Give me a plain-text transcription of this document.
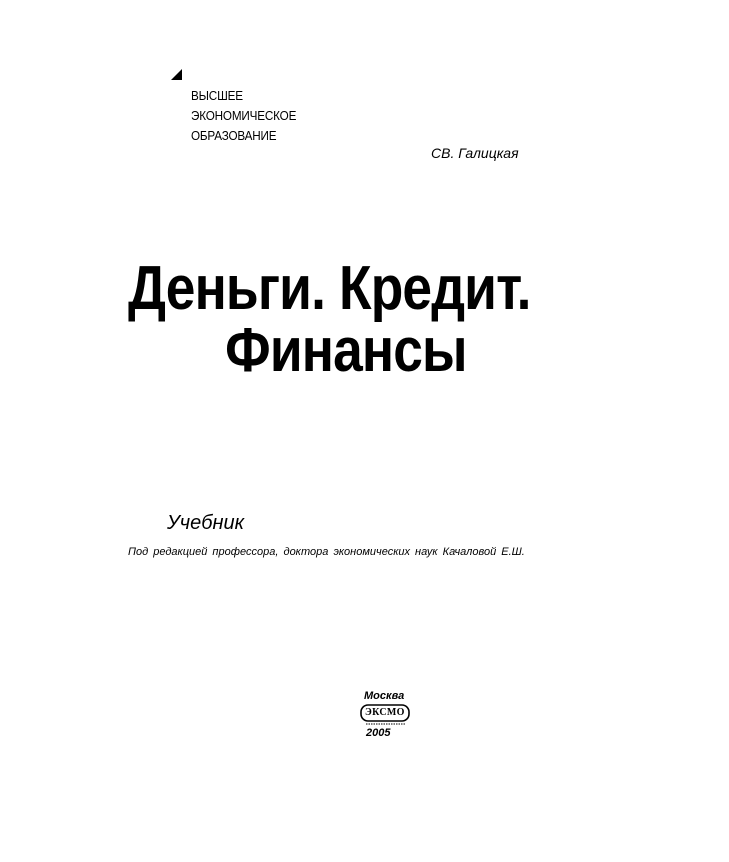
ВЫСШЕЕ
ЭКОНОМИЧЕСКОЕ
ОБРАЗОВАНИЕ
СВ. Галицкая
Деньги. Кредит.
Финансы
Учебник
Под редакцией профессора, доктора экономических наук Качаловой Е.Ш.
Москва
ЭКСМО
2005
